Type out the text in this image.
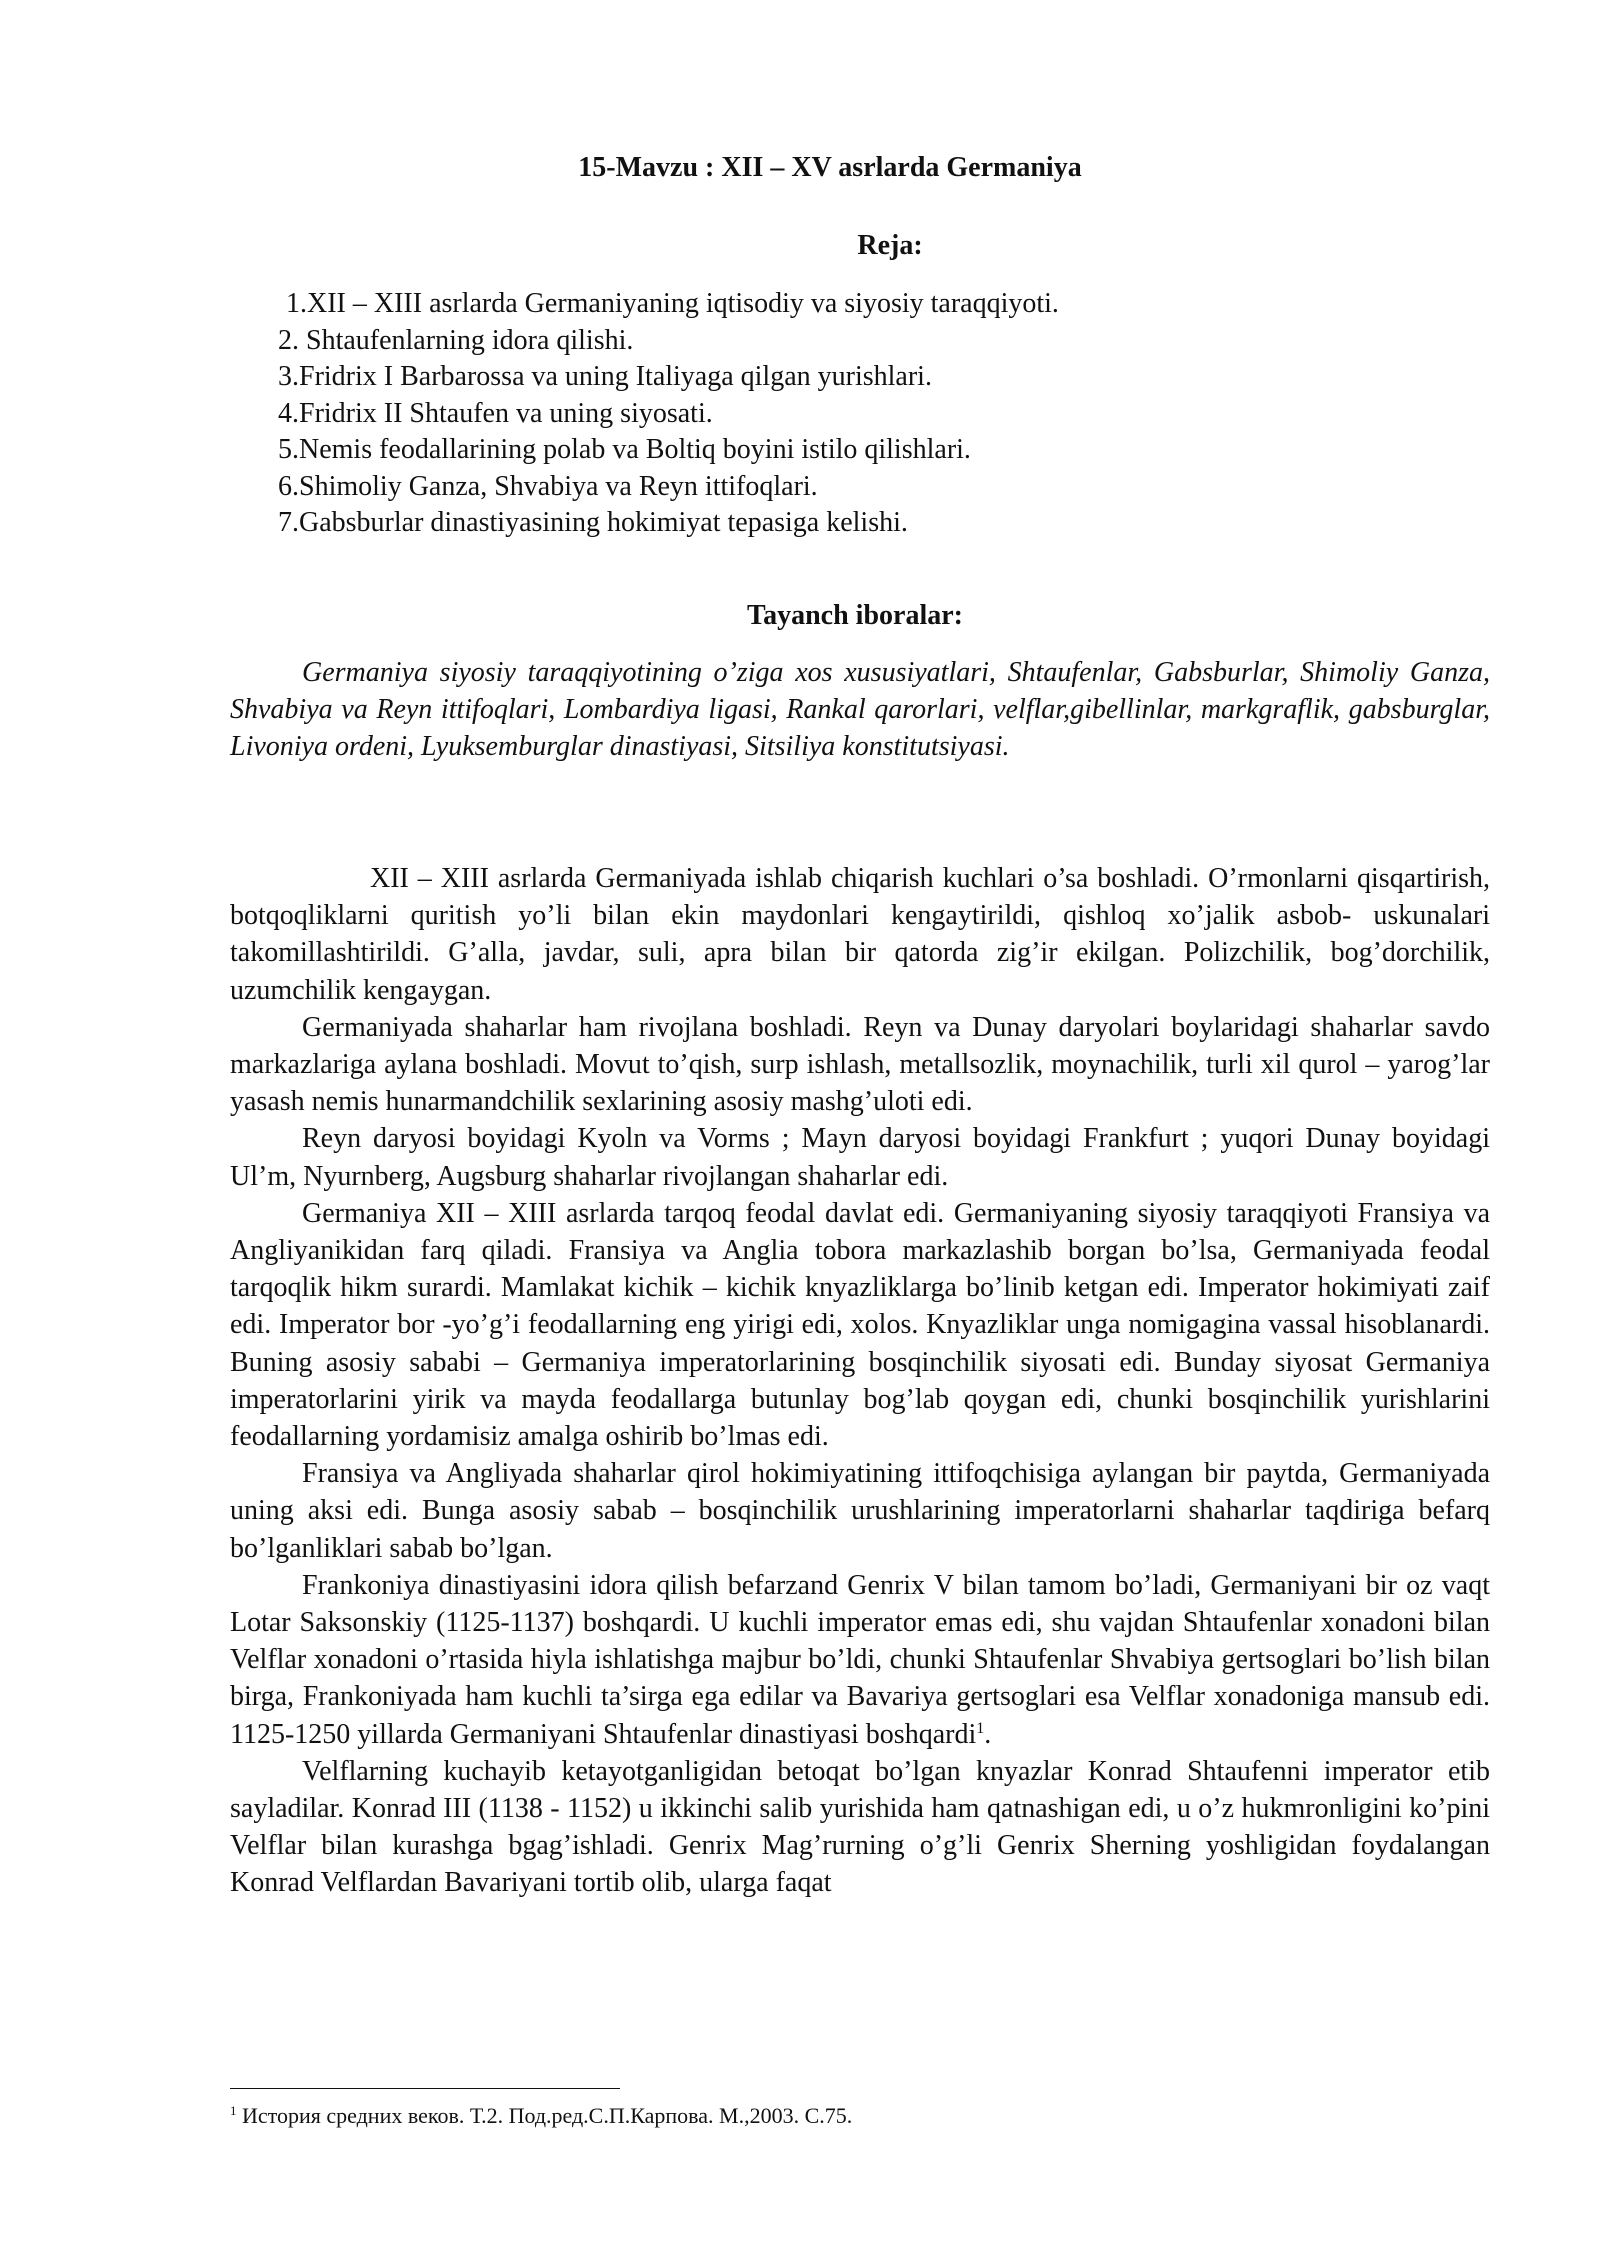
15-Mavzu : XII – XV asrlarda Germaniya
Reja:
1.XII – XIII asrlarda Germaniyaning iqtisodiy va siyosiy taraqqiyoti.
2. Shtaufenlarning idora qilishi.
3.Fridrix I Barbarossa va uning Italiyaga qilgan yurishlari.
4.Fridrix II Shtaufen va uning siyosati.
5.Nemis feodallarining polab va Boltiq boyini istilo qilishlari.
6.Shimoliy Ganza, Shvabiya va Reyn ittifoqlari.
7.Gabsburlar dinastiyasining hokimiyat tepasiga kelishi.
Tayanch iboralar:
Germaniya siyosiy taraqqiyotining o’ziga xos xususiyatlari, Shtaufenlar, Gabsburlar, Shimoliy Ganza, Shvabiya va Reyn ittifoqlari, Lombardiya ligasi, Rankal qarorlari, velflar,gibellinlar, markgraflik, gabsburglar, Livoniya ordeni, Lyuksemburglar dinastiyasi, Sitsiliya konstitutsiyasi.

XII – XIII asrlarda Germaniyada ishlab chiqarish kuchlari o’sa boshladi. O’rmonlarni qisqartirish, botqoqliklarni quritish yo’li bilan ekin maydonlari kengaytirildi, qishloq xo’jalik asbob- uskunalari takomillashtirildi. G’alla, javdar, suli, apra bilan bir qatorda zig’ir ekilgan. Polizchilik, bog’dorchilik, uzumchilik kengaygan.

Germaniyada shaharlar ham rivojlana boshladi. Reyn va Dunay daryolari boylaridagi shaharlar savdo markazlariga aylana boshladi. Movut to’qish, surp ishlash, metallsozlik, moynachilik, turli xil qurol – yarog’lar yasash nemis hunarmandchilik sexlarining asosiy mashg’uloti edi.

Reyn daryosi boyidagi Kyoln va Vorms ; Mayn daryosi boyidagi Frankfurt ; yuqori Dunay boyidagi Ul’m, Nyurnberg, Augsburg shaharlar rivojlangan shaharlar edi.

Germaniya XII – XIII asrlarda tarqoq feodal davlat edi. Germaniyaning siyosiy taraqqiyoti Fransiya va Angliyanikidan farq qiladi. Fransiya va Anglia tobora markazlashib borgan bo’lsa, Germaniyada feodal tarqoqlik hikm surardi. Mamlakat kichik – kichik knyazliklarga bo’linib ketgan edi. Imperator hokimiyati zaif edi. Imperator bor -yo’g’i feodallarning eng yirigi edi, xolos. Knyazliklar unga nomigagina vassal hisoblanardi. Buning asosiy sababi – Germaniya imperatorlarining bosqinchilik siyosati edi. Bunday siyosat Germaniya imperatorlarini yirik va mayda feodallarga butunlay bog’lab qoygan edi, chunki bosqinchilik yurishlarini feodallarning yordamisiz amalga oshirib bo’lmas edi.

Fransiya va Angliyada shaharlar qirol hokimiyatining ittifoqchisiga aylangan bir paytda, Germaniyada uning aksi edi. Bunga asosiy sabab – bosqinchilik urushlarining imperatorlarni shaharlar taqdiriga befarq bo’lganliklari sabab bo’lgan.

Frankoniya dinastiyasini idora qilish befarzand Genrix V bilan tamom bo’ladi, Germaniyani bir oz vaqt Lotar Saksonskiy (1125-1137) boshqardi. U kuchli imperator emas edi, shu vajdan Shtaufenlar xonadoni bilan Velflar xonadoni o’rtasida hiyla ishlatishga majbur bo’ldi, chunki Shtaufenlar Shvabiya gertsoglari bo’lish bilan birga, Frankoniyada ham kuchli ta’sirga ega edilar va Bavariya gertsoglari esa Velflar xonadoniga mansub edi. 1125-1250 yillarda Germaniyani Shtaufenlar dinastiyasi boshqardi$^1$.

Velflarning kuchayib ketayotganligidan betoqat bo’lgan knyazlar Konrad Shtaufenni imperator etib sayladilar. Konrad III (1138 - 1152) u ikkinchi salib yurishida ham qatnashigan edi, u o’z hukmronligini ko’pini Velflar bilan kurashga bgag’ishladi. Genrix Mag’rurning o’g’li Genrix Sherning yoshligidan foydalangan Konrad Velflardan Bavariyani tortib olib, ularga faqat

$^1$ История средних веков. Т.2. Под.ред.С.П.Карпова. М.,2003. С.75.
